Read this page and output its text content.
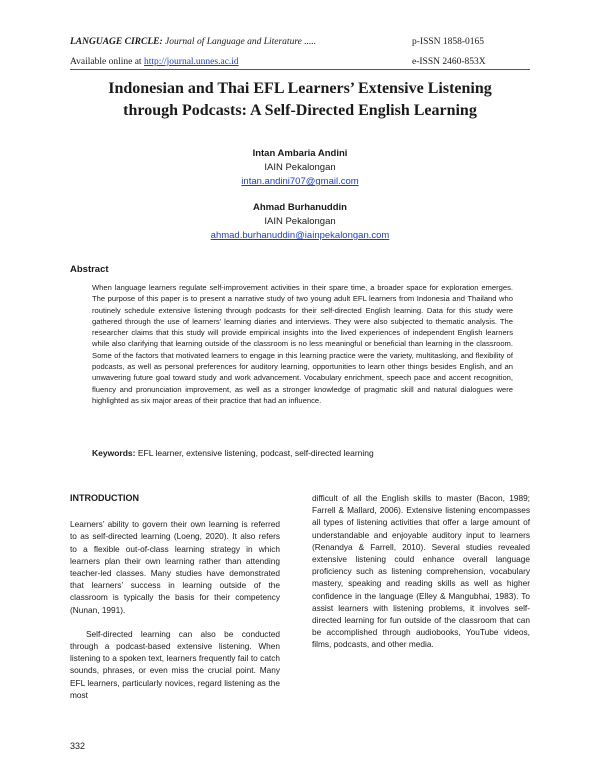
LANGUAGE CIRCLE: Journal of Language and Literature .....	p-ISSN 1858-0165
Available online at http://journal.unnes.ac.id	e-ISSN 2460-853X
Indonesian and Thai EFL Learners’ Extensive Listening
through Podcasts: A Self-Directed English Learning
Intan Ambaria Andini
IAIN Pekalongan
intan.andini707@gmail.com
Ahmad Burhanuddin
IAIN Pekalongan
ahmad.burhanuddin@iainpekalongan.com
Abstract
When language learners regulate self-improvement activities in their spare time, a broader space for exploration emerges. The purpose of this paper is to present a narrative study of two young adult EFL learners from Indonesia and Thailand who routinely schedule extensive listening through podcasts for their self-directed English learning. Data for this study were gathered through the use of learners’ learning diaries and interviews. They were also subjected to thematic analysis. The researcher claims that this study will provide empirical insights into the lived experiences of independent English learners while also clarifying that learning outside of the classroom is no less meaningful or beneficial than learning in the classroom. Some of the factors that motivated learners to engage in this learning practice were the variety, multitasking, and flexibility of podcasts, as well as personal preferences for auditory learning, opportunities to learn other things besides English, and an unwavering future goal toward study and work advancement. Vocabulary enrichment, speech pace and accent recognition, fluency and pronunciation improvement, as well as a stronger knowledge of pragmatic skill and natural dialogues were highlighted as six major areas of their practice that had an influence.
Keywords: EFL learner, extensive listening, podcast, self-directed learning

INTRODUCTION

Learners’ ability to govern their own learning is referred to as self-directed learning (Loeng, 2020). It also refers to a flexible out-of-class learning strategy in which learners plan their own learning rather than attending teacher-led classes. Many studies have demonstrated that learners’ success in learning outside of the classroom is typically the basis for their competency (Nunan, 1991).

Self-directed learning can also be conducted through a podcast-based extensive listening. When listening to a spoken text, learners frequently fail to catch sounds, phrases, or even miss the crucial point. Many EFL learners, particularly novices, regard listening as the most

difficult of all the English skills to master (Bacon, 1989; Farrell & Mallard, 2006). Extensive listening encompasses all types of listening activities that offer a large amount of understandable and enjoyable auditory input to learners (Renandya & Farrell, 2010). Several studies revealed extensive listening could enhance overall language proficiency such as listening comprehension, vocabulary mastery, speaking and reading skills as well as higher confidence in the language (Elley & Mangubhai, 1983). To assist learners with listening problems, it involves self-directed learning for fun outside of the classroom that can be accomplished through audiobooks, YouTube videos, films, podcasts, and other media.

332
